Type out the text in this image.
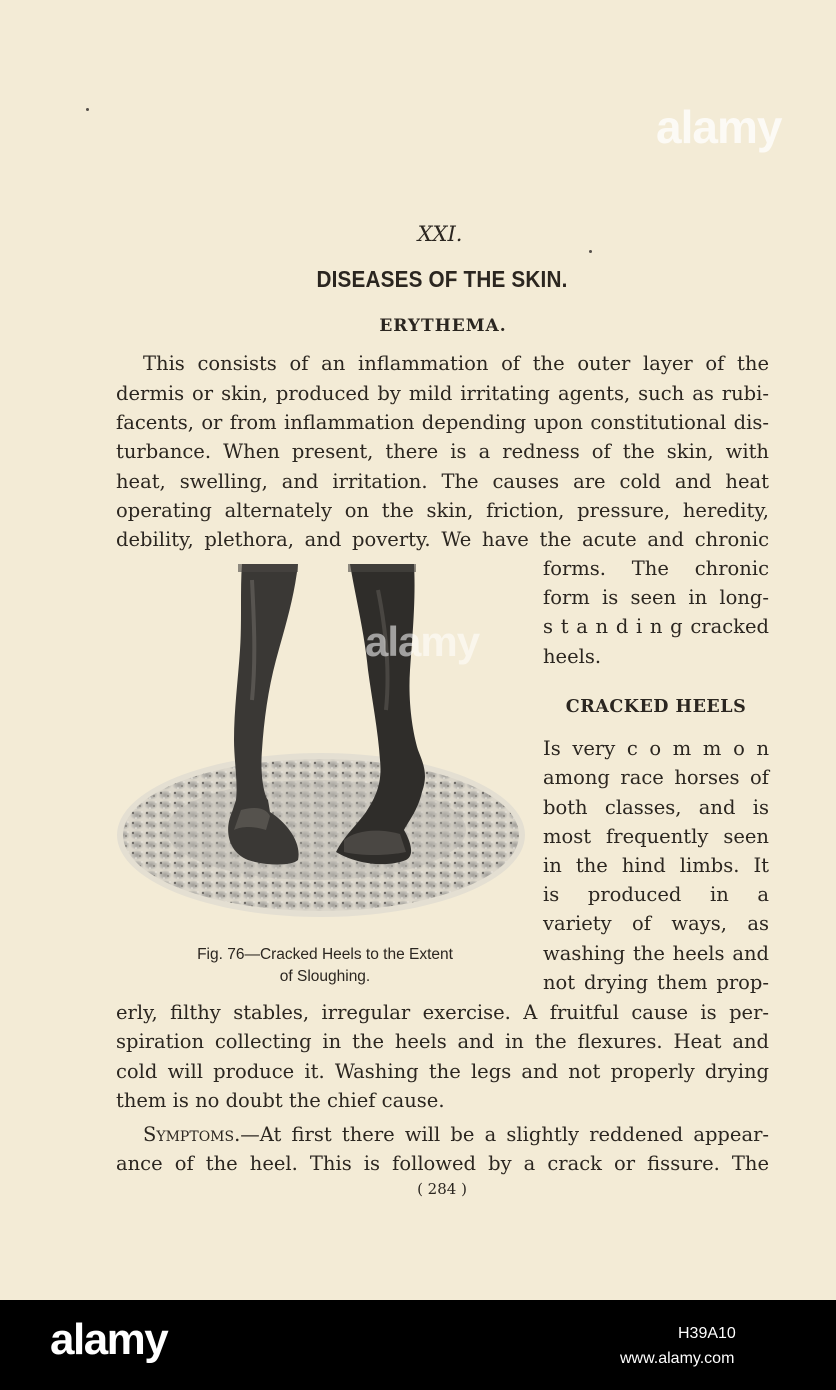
alamy
XXI.
DISEASES OF THE SKIN.
ERYTHEMA.
This consists of an inflammation of the outer layer of the
dermis or skin, produced by mild irritating agents, such as rubi-
facents, or from inflammation depending upon constitutional dis-
turbance. When present, there is a redness of the skin, with
heat, swelling, and irritation. The causes are cold and heat
operating alternately on the skin, friction, pressure, heredity,
debility, plethora, and poverty. We have the acute and chronic
forms. The chronic
form is seen in long-
s t a n d i n g cracked
heels.
CRACKED HEELS
Is very c o m m o n
among race horses of
both classes, and is
most frequently seen
in the hind limbs. It
is produced in a
variety of ways, as
washing the heels and
not drying them prop-
alamy
Fig. 76—Cracked Heels to the Extent
of Sloughing.
erly, filthy stables, irregular exercise. A fruitful cause is per-
spiration collecting in the heels and in the flexures. Heat and
cold will produce it. Washing the legs and not properly drying
them is no doubt the chief cause.
Symptoms. —At first there will be a slightly reddened appear-
ance of the heel. This is followed by a crack or fissure. The
( 284 )
alamy	H39A10
www.alamy.com
